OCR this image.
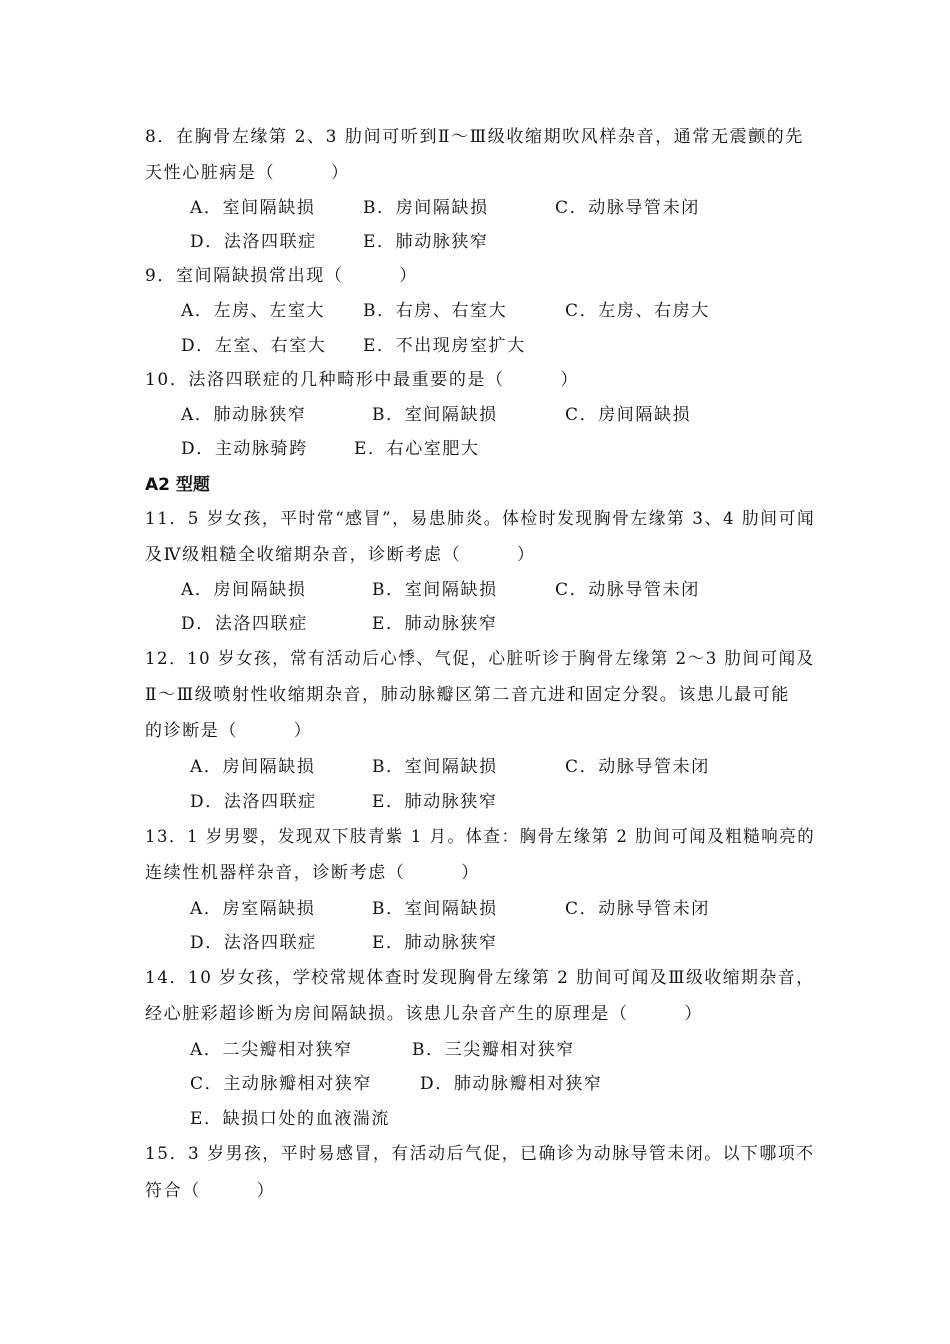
8．在胸骨左缘第 2、3 肋间可听到Ⅱ～Ⅲ级收缩期吹风样杂音，通常无震颤的先
天性心脏病是（　　　）
A．室间隔缺损	B．房间隔缺损	C．动脉导管未闭
D．法洛四联症	E．肺动脉狭窄
9．室间隔缺损常出现（　　　）
A．左房、左室大 B．右房、右室大	C．左房、右房大
D．左室、右室大 E．不出现房室扩大
10．法洛四联症的几种畸形中最重要的是（　　　）
A．肺动脉狭窄	B．室间隔缺损	C．房间隔缺损
D．主动脉骑跨	E．右心室肥大
A2 型题
11．5 岁女孩，平时常“感冒”，易患肺炎。体检时发现胸骨左缘第 3、4 肋间可闻
及Ⅳ级粗糙全收缩期杂音，诊断考虑（　　　）
A．房间隔缺损	B．室间隔缺损	C．动脉导管未闭
D．法洛四联症	E．肺动脉狭窄
12．10 岁女孩，常有活动后心悸、气促，心脏听诊于胸骨左缘第 2～3 肋间可闻及
Ⅱ～Ⅲ级喷射性收缩期杂音，肺动脉瓣区第二音亢进和固定分裂。该患儿最可能
的诊断是（　　　）
A．房间隔缺损	B．室间隔缺损	C．动脉导管未闭
D．法洛四联症	E．肺动脉狭窄
13．1 岁男婴，发现双下肢青紫 1 月。体查：胸骨左缘第 2 肋间可闻及粗糙响亮的
连续性机器样杂音，诊断考虑（　　　）
A．房室隔缺损	B．室间隔缺损	C．动脉导管未闭
D．法洛四联症	E．肺动脉狭窄
14．10 岁女孩，学校常规体查时发现胸骨左缘第 2 肋间可闻及Ⅲ级收缩期杂音，
经心脏彩超诊断为房间隔缺损。该患儿杂音产生的原理是（　　　）
A．二尖瓣相对狭窄	B．三尖瓣相对狭窄
C．主动脉瓣相对狭窄	D．肺动脉瓣相对狭窄
E．缺损口处的血液湍流
15．3 岁男孩，平时易感冒，有活动后气促，已确诊为动脉导管未闭。以下哪项不
符合（　　　）
